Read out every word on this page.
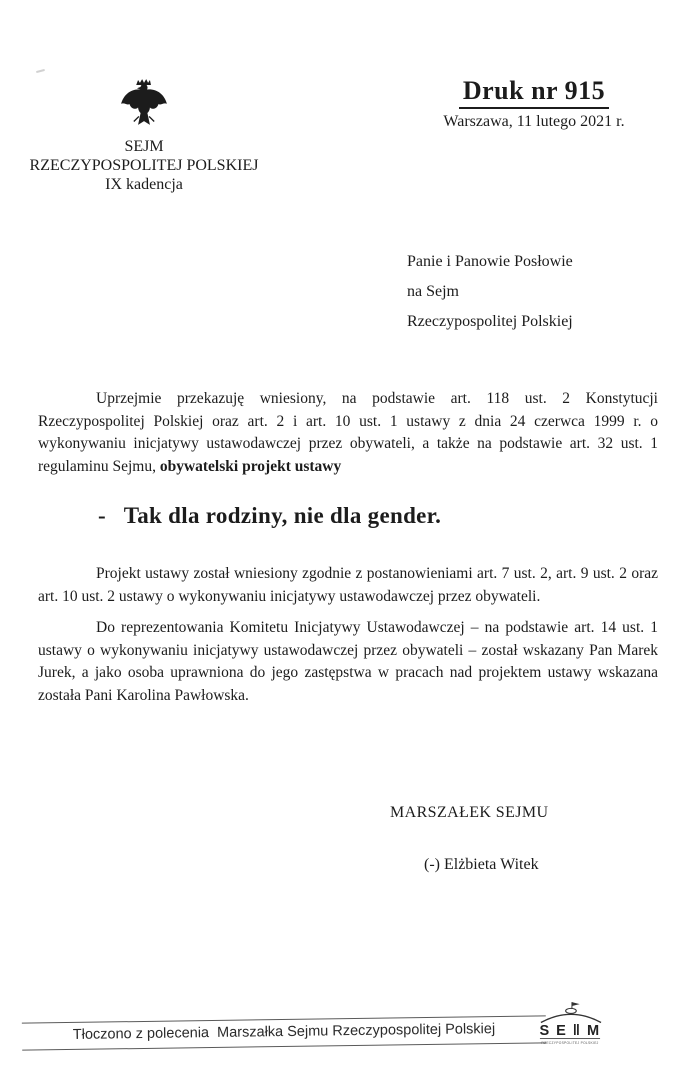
SEJM
RZECZYPOSPOLITEJ POLSKIEJ
IX kadencja
Druk nr 915
Warszawa, 11 lutego 2021 r.
Panie i Panowie Posłowie
na Sejm
Rzeczypospolitej Polskiej

Uprzejmie przekazuję wniesiony, na podstawie art. 118 ust. 2 Konstytucji Rzeczypospolitej Polskiej oraz art. 2 i art. 10 ust. 1 ustawy z dnia 24 czerwca 1999 r. o wykonywaniu inicjatywy ustawodawczej przez obywateli, a także na podstawie art. 32 ust. 1 regulaminu Sejmu, obywatelski projekt ustawy

-   Tak dla rodziny, nie dla gender.

Projekt ustawy został wniesiony zgodnie z postanowieniami art. 7 ust. 2, art. 9 ust. 2 oraz art. 10 ust. 2 ustawy o wykonywaniu inicjatywy ustawodawczej przez obywateli.

Do reprezentowania Komitetu Inicjatywy Ustawodawczej – na podstawie art. 14 ust. 1 ustawy o wykonywaniu inicjatywy ustawodawczej przez obywateli – został wskazany Pan Marek Jurek, a jako osoba uprawniona do jego zastępstwa w pracach nad projektem ustawy wskazana została Pani Karolina Pawłowska.

MARSZAŁEK SEJMU
(-) Elżbieta Witek
Tłoczono z polecenia  Marszałka Sejmu Rzeczypospolitej Polskiej	S E ‖ M
RZECZYPOSPOLITEJ POLSKIEJ
